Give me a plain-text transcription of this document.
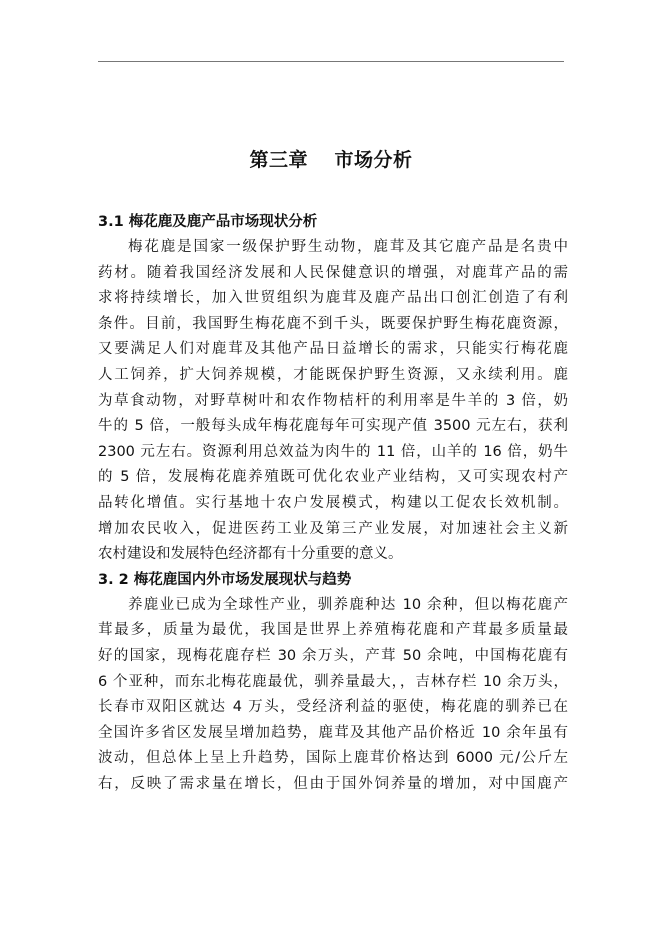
第三章　 市场分析
3.1 梅花鹿及鹿产品市场现状分析
梅花鹿是国家一级保护野生动物，鹿茸及其它鹿产品是名贵中
药材。随着我国经济发展和人民保健意识的增强，对鹿茸产品的需
求将持续增长，加入世贸组织为鹿茸及鹿产品出口创汇创造了有利
条件。目前，我国野生梅花鹿不到千头，既要保护野生梅花鹿资源，
又要满足人们对鹿茸及其他产品日益增长的需求，只能实行梅花鹿
人工饲养，扩大饲养规模，才能既保护野生资源，又永续利用。鹿
为草食动物，对野草树叶和农作物桔杆的利用率是牛羊的 3 倍，奶
牛的 5 倍，一般每头成年梅花鹿每年可实现产值 3500 元左右，获利
2300 元左右。资源利用总效益为肉牛的 11 倍，山羊的 16 倍，奶牛
的 5 倍，发展梅花鹿养殖既可优化农业产业结构，又可实现农村产
品转化增值。实行基地十农户发展模式，构建以工促农长效机制。
增加农民收入，促进医药工业及第三产业发展，对加速社会主义新
农村建设和发展特色经济都有十分重要的意义。
3. 2 梅花鹿国内外市场发展现状与趋势
养鹿业已成为全球性产业，驯养鹿种达 10 余种，但以梅花鹿产
茸最多，质量为最优，我国是世界上养殖梅花鹿和产茸最多质量最
好的国家，现梅花鹿存栏 30 余万头，产茸 50 余吨，中国梅花鹿有
6 个亚种，而东北梅花鹿最优，驯养量最大，，吉林存栏 10 余万头，
长春市双阳区就达 4 万头，受经济利益的驱使，梅花鹿的驯养已在
全国许多省区发展呈增加趋势，鹿茸及其他产品价格近 10 余年虽有
波动，但总体上呈上升趋势，国际上鹿茸价格达到 6000 元/公斤左
右，反映了需求量在增长，但由于国外饲养量的增加，对中国鹿产
